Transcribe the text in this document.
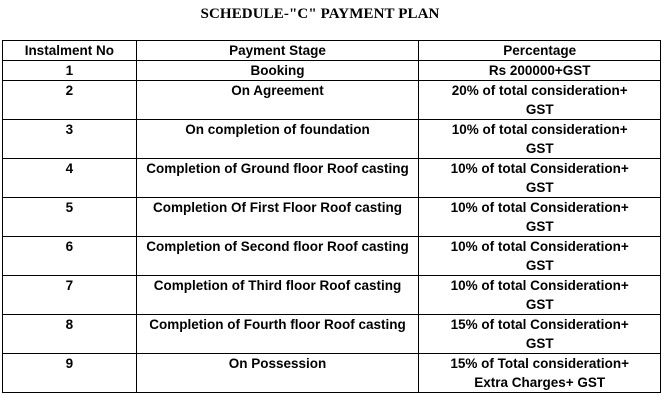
SCHEDULE-"C" PAYMENT PLAN
Instalment No	Payment Stage	Percentage
1	Booking	Rs 200000+GST

2	On Agreement	20% of total consideration+
GST

3	On completion of foundation	10% of total consideration+
GST

4	Completion of Ground floor Roof casting	10% of total Consideration+
GST

5	Completion Of First Floor Roof casting	10% of total Consideration+
GST

6	Completion of Second floor Roof casting	10% of total Consideration+
GST

7	Completion of Third floor Roof casting	10% of total Consideration+
GST

8	Completion of Fourth floor Roof casting	15% of total Consideration+
GST

9	On Possession	15% of Total consideration+
Extra Charges+ GST
